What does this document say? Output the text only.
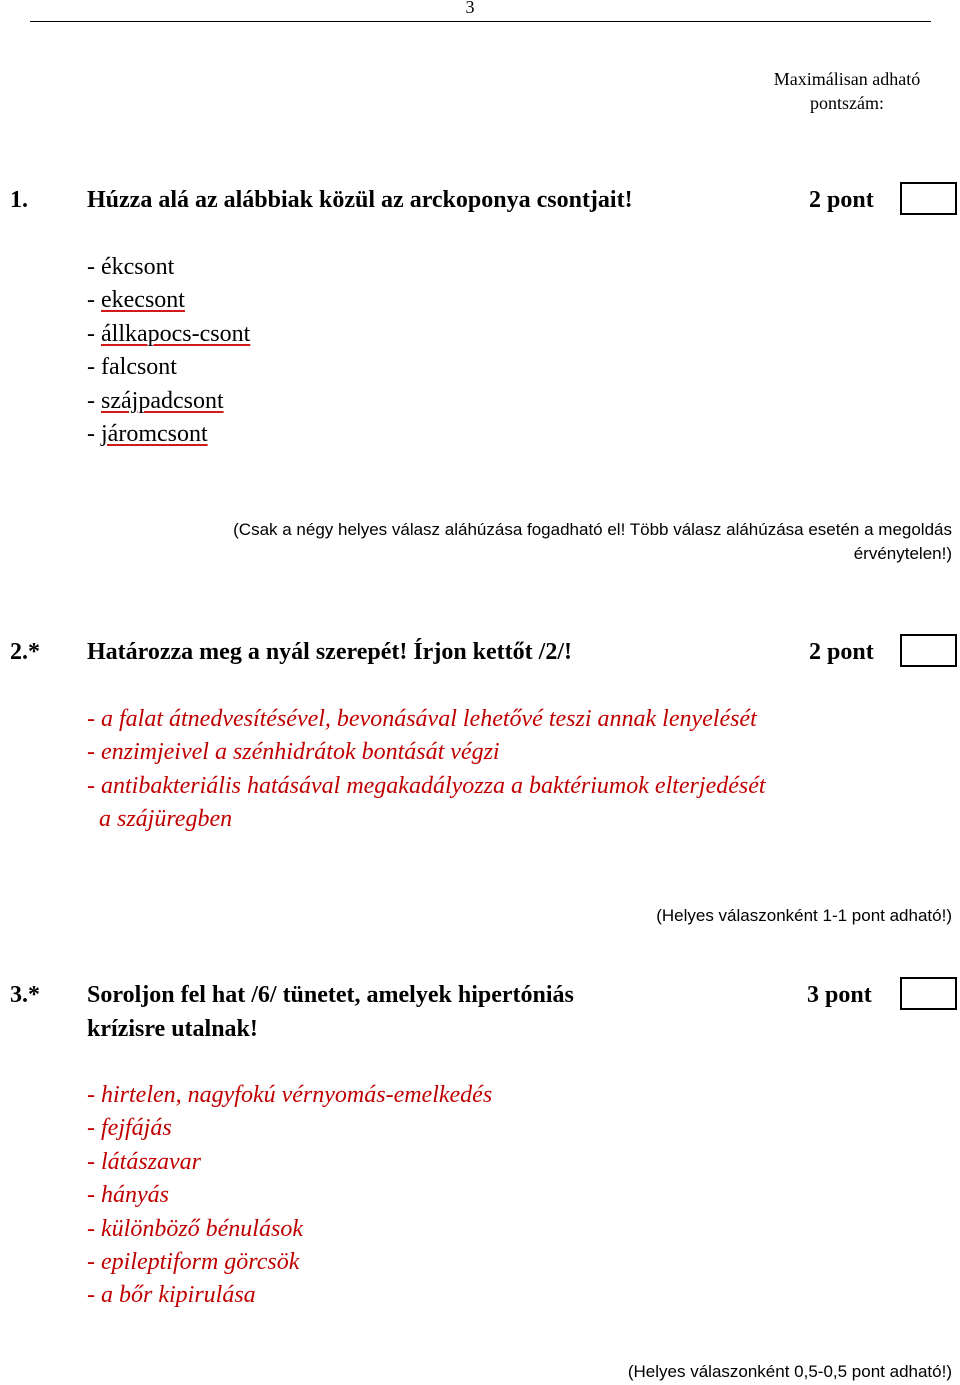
3
Maximálisan adható
pontszám:
1. Húzza alá az alábbiak közül az arckoponya csontjait!	2 pont
- ékcsont
- ekecsont
- állkapocs-csont
- falcsont
- szájpadcsont
- járomcsont
(Csak a négy helyes válasz aláhúzása fogadható el! Több válasz aláhúzása esetén a megoldás
érvénytelen!)
2.* Határozza meg a nyál szerepét! Írjon kettőt /2/!	2 pont
- a falat átnedvesítésével, bevonásával lehetővé teszi annak lenyelését
- enzimjeivel a szénhidrátok bontását végzi
- antibakteriális hatásával megakadályozza a baktériumok elterjedését
a szájüregben
(Helyes válaszonként 1-1 pont adható!)
3.* Soroljon fel hat /6/ tünetet, amelyek hipertóniás
krízisre utalnak!
3 pont
- hirtelen, nagyfokú vérnyomás-emelkedés
- fejfájás
- látászavar
- hányás
- különböző bénulások
- epileptiform görcsök
- a bőr kipirulása
(Helyes válaszonként 0,5-0,5 pont adható!)
